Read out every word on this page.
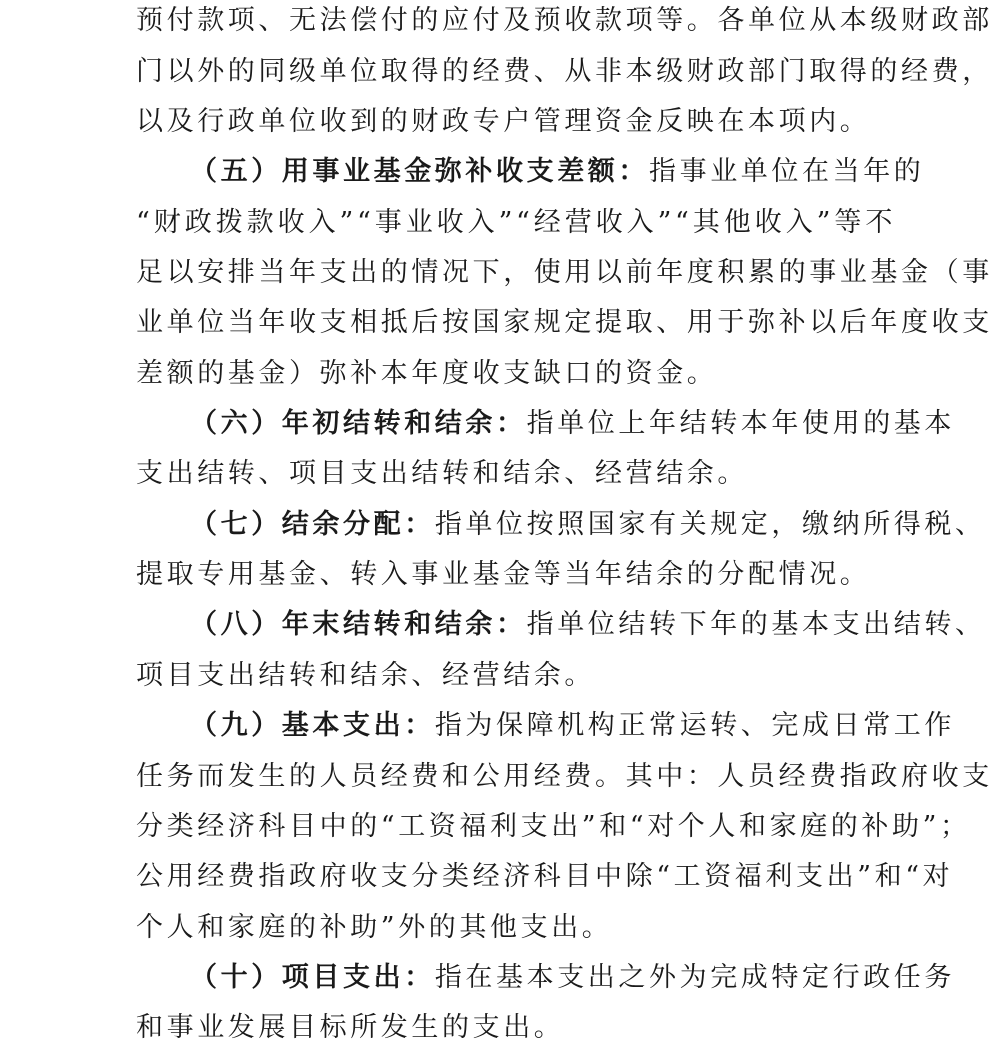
预付款项、无法偿付的应付及预收款项等。各单位从本级财政部
门以外的同级单位取得的经费、从非本级财政部门取得的经费，
以及行政单位收到的财政专户管理资金反映在本项内。
（五）用事业基金弥补收支差额：指事业单位在当年的
“财政拨款收入”“事业收入”“经营收入”“其他收入”等不
足以安排当年支出的情况下，使用以前年度积累的事业基金（事
业单位当年收支相抵后按国家规定提取、用于弥补以后年度收支
差额的基金）弥补本年度收支缺口的资金。
（六）年初结转和结余：指单位上年结转本年使用的基本
支出结转、项目支出结转和结余、经营结余。
（七）结余分配：指单位按照国家有关规定，缴纳所得税、
提取专用基金、转入事业基金等当年结余的分配情况。
（八）年末结转和结余：指单位结转下年的基本支出结转、
项目支出结转和结余、经营结余。
（九）基本支出：指为保障机构正常运转、完成日常工作
任务而发生的人员经费和公用经费。其中：人员经费指政府收支
分类经济科目中的“工资福利支出”和“对个人和家庭的补助”；
公用经费指政府收支分类经济科目中除“工资福利支出”和“对
个人和家庭的补助”外的其他支出。
（十）项目支出：指在基本支出之外为完成特定行政任务
和事业发展目标所发生的支出。
